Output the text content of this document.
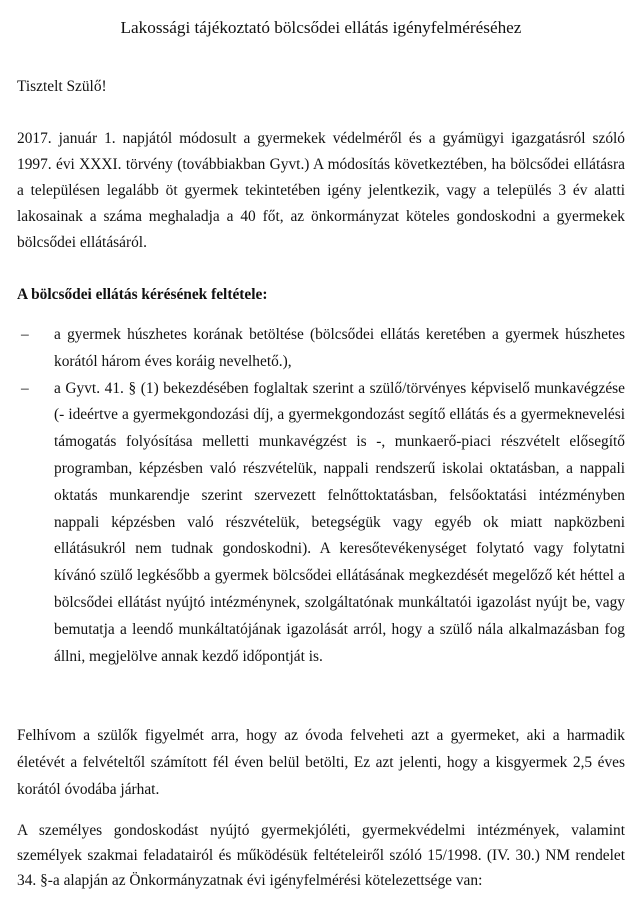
Lakossági tájékoztató bölcsődei ellátás igényfelméréséhez
Tisztelt Szülő!
2017. január 1. napjától módosult a gyermekek védelméről és a gyámügyi igazgatásról szóló 1997. évi XXXI. törvény (továbbiakban Gyvt.) A módosítás következtében, ha bölcsődei ellátásra a településen legalább öt gyermek tekintetében igény jelentkezik, vagy a település 3 év alatti lakosainak a száma meghaladja a 40 főt, az önkormányzat köteles gondoskodni a gyermekek bölcsődei ellátásáról.
A bölcsődei ellátás kérésének feltétele:
– a gyermek húszhetes korának betöltése (bölcsődei ellátás keretében a gyermek húszhetes korától három éves koráig nevelhető.),
– a Gyvt. 41. § (1) bekezdésében foglaltak szerint a szülő/törvényes képviselő munkavégzése (- ideértve a gyermekgondozási díj, a gyermekgondozást segítő ellátás és a gyermeknevelési támogatás folyósítása melletti munkavégzést is -, munkaerő-piaci részvételt elősegítő programban, képzésben való részvételük, nappali rendszerű iskolai oktatásban, a nappali oktatás munkarendje szerint szervezett felnőttoktatásban, felsőoktatási intézményben nappali képzésben való részvételük, betegségük vagy egyéb ok miatt napközbeni ellátásukról nem tudnak gondoskodni). A keresőtevékenységet folytató vagy folytatni kívánó szülő legkésőbb a gyermek bölcsődei ellátásának megkezdését megelőző két héttel a bölcsődei ellátást nyújtó intézménynek, szolgáltatónak munkáltatói igazolást nyújt be, vagy bemutatja a leendő munkáltatójának igazolását arról, hogy a szülő nála alkalmazásban fog állni, megjelölve annak kezdő időpontját is.
Felhívom a szülők figyelmét arra, hogy az óvoda felveheti azt a gyermeket, aki a harmadik életévét a felvételtől számított fél éven belül betölti, Ez azt jelenti, hogy a kisgyermek 2,5 éves korától óvodába járhat.
A személyes gondoskodást nyújtó gyermekjóléti, gyermekvédelmi intézmények, valamint személyek szakmai feladatairól és működésük feltételeiről szóló 15/1998. (IV. 30.) NM rendelet 34. §-a alapján az Önkormányzatnak évi igényfelmérési kötelezettsége van:
